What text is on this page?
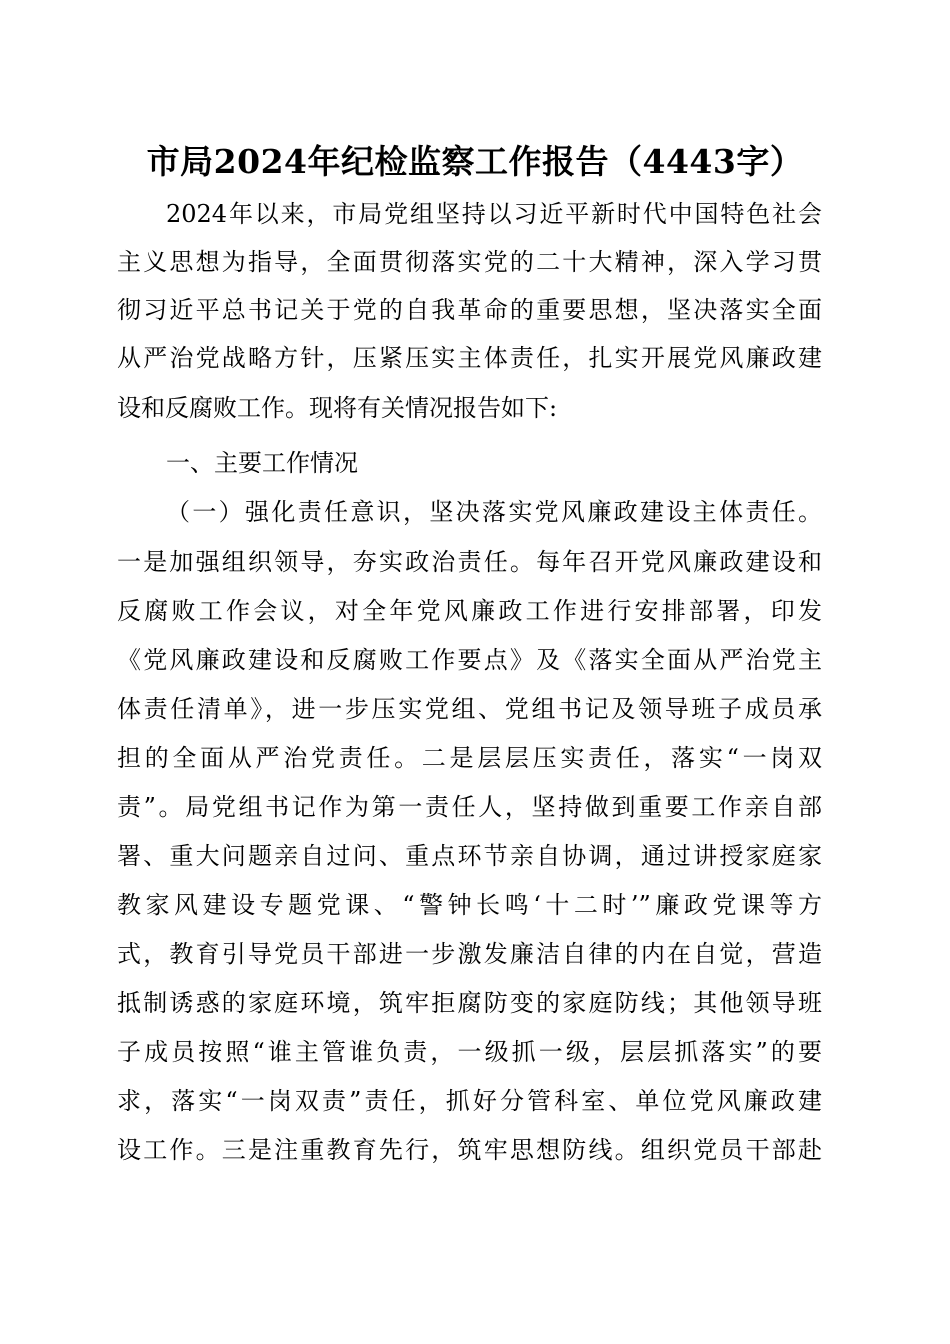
市局2024年纪检监察工作报告（4443字）

2024年以来，市局党组坚持以习近平新时代中国特色社会

主义思想为指导，全面贯彻落实党的二十大精神，深入学习贯

彻习近平总书记关于党的自我革命的重要思想，坚决落实全面

从严治党战略方针，压紧压实主体责任，扎实开展党风廉政建

设和反腐败工作。现将有关情况报告如下:

一、主要工作情况

（一）强化责任意识，坚决落实党风廉政建设主体责任。

一是加强组织领导，夯实政治责任。每年召开党风廉政建设和

反腐败工作会议，对全年党风廉政工作进行安排部署，印发

《党风廉政建设和反腐败工作要点》及《落实全面从严治党主

体责任清单》，进一步压实党组、党组书记及领导班子成员承

担的全面从严治党责任。二是层层压实责任，落实“一岗双

责”。局党组书记作为第一责任人，坚持做到重要工作亲自部

署、重大问题亲自过问、重点环节亲自协调，通过讲授家庭家

教家风建设专题党课、“警钟长鸣‘十二时’”廉政党课等方

式，教育引导党员干部进一步激发廉洁自律的内在自觉，营造

抵制诱惑的家庭环境，筑牢拒腐防变的家庭防线；其他领导班

子成员按照“谁主管谁负责，一级抓一级，层层抓落实”的要

求，落实“一岗双责”责任，抓好分管科室、单位党风廉政建

设工作。三是注重教育先行，筑牢思想防线。组织党员干部赴
